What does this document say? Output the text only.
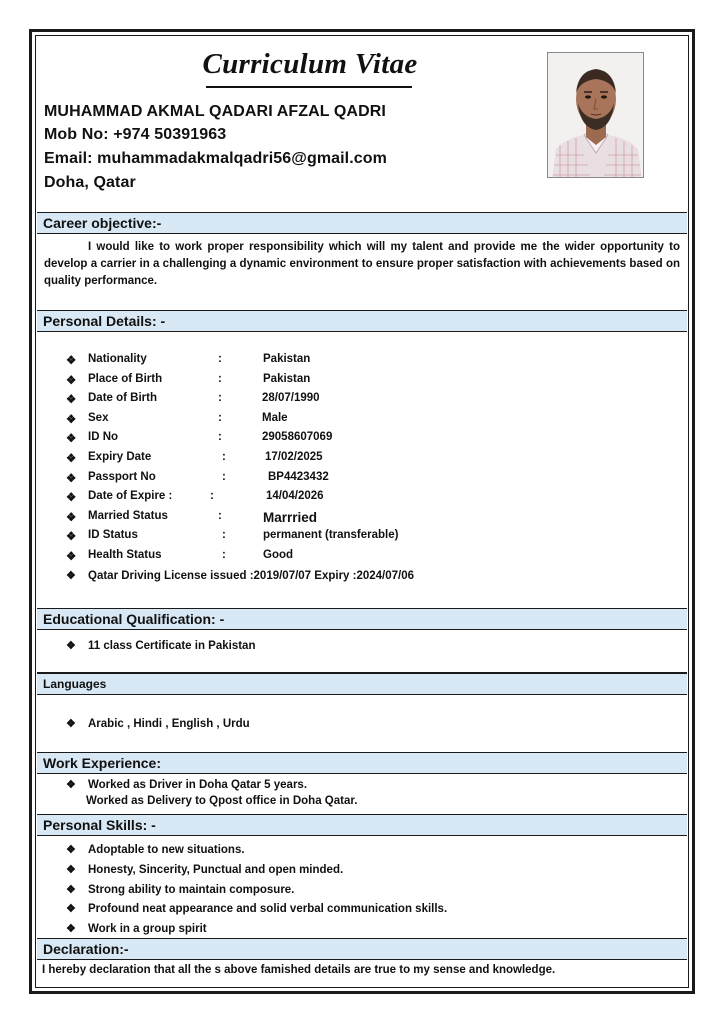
Curriculum Vitae
MUHAMMAD AKMAL QADARI AFZAL QADRI
Mob No: +974 50391963
Email: muhammadakmalqadri56@gmail.com
Doha, Qatar
Career objective:-
I would like to work proper responsibility which will my talent and provide me the wider opportunity to develop a carrier in a challenging a dynamic environment to ensure proper satisfaction with achievements based on quality performance.
Personal Details: -
❖ Nationality	:	Pakistan
❖ Place of Birth	:	Pakistan
❖ Date of Birth	:	28/07/1990
❖ Sex	:	Male
❖ ID No	:	29058607069
❖ Expiry Date	:	17/02/2025
❖ Passport No	:	BP4423432
❖ Date of Expire :	:	14/04/2026
❖ Married Status	:	Marrried
❖ ID Status	:	permanent (transferable)
❖ Health Status	:	Good
❖ Qatar Driving License issued :2019/07/07 Expiry :2024/07/06
Educational Qualification: -
❖ 11 class Certificate in Pakistan
Languages
❖ Arabic , Hindi , English , Urdu
Work Experience:
❖ Worked as Driver in Doha Qatar 5 years.
Worked as Delivery to Qpost office in Doha Qatar.
Personal Skills: -
❖ Adoptable to new situations.
❖ Honesty, Sincerity, Punctual and open minded.
❖ Strong ability to maintain composure.
❖ Profound neat appearance and solid verbal communication skills.
❖ Work in a group spirit
Declaration:-
I hereby declaration that all the s above famished details are true to my sense and knowledge.
